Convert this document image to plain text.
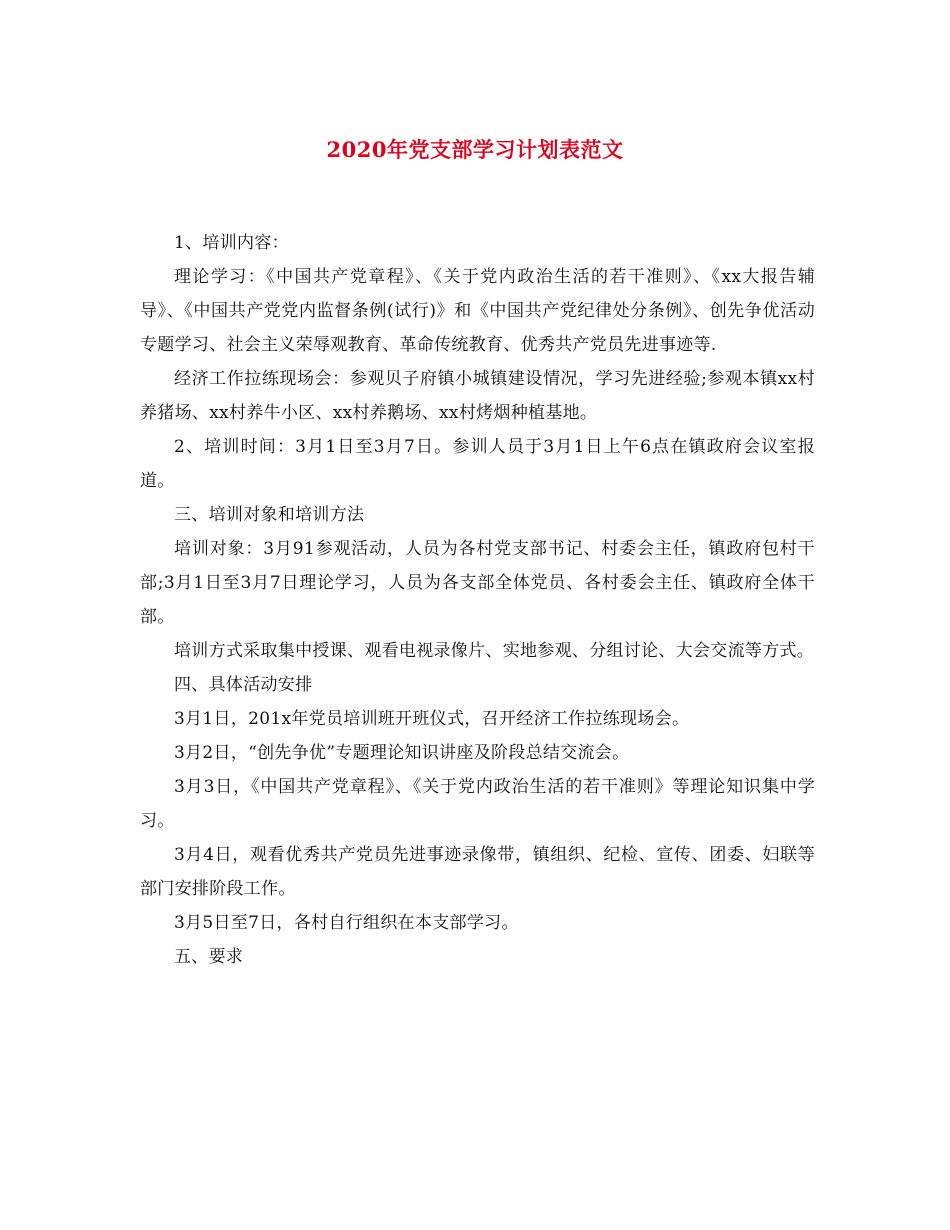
2020年党支部学习计划表范文

1、培训内容：

理论学习：《中国共产党章程》、《关于党内政治生活的若干准则》、《xx大报告辅导》、《中国共产党党内监督条例(试行)》和《中国共产党纪律处分条例》、创先争优活动专题学习、社会主义荣辱观教育、革命传统教育、优秀共产党员先进事迹等.

经济工作拉练现场会：参观贝子府镇小城镇建设情况，学习先进经验;参观本镇xx村养猪场、xx村养牛小区、xx村养鹅场、xx村烤烟种植基地。

2、培训时间：3月1日至3月7日。参训人员于3月1日上午6点在镇政府会议室报道。

三、培训对象和培训方法

培训对象：3月91参观活动，人员为各村党支部书记、村委会主任，镇政府包村干部;3月1日至3月7日理论学习，人员为各支部全体党员、各村委会主任、镇政府全体干部。

培训方式采取集中授课、观看电视录像片、实地参观、分组讨论、大会交流等方式。

四、具体活动安排

3月1日，201x年党员培训班开班仪式，召开经济工作拉练现场会。

3月2日，“创先争优”专题理论知识讲座及阶段总结交流会。

3月3日，《中国共产党章程》、《关于党内政治生活的若干准则》等理论知识集中学习。

3月4日，观看优秀共产党员先进事迹录像带，镇组织、纪检、宣传、团委、妇联等部门安排阶段工作。

3月5日至7日，各村自行组织在本支部学习。

五、要求
